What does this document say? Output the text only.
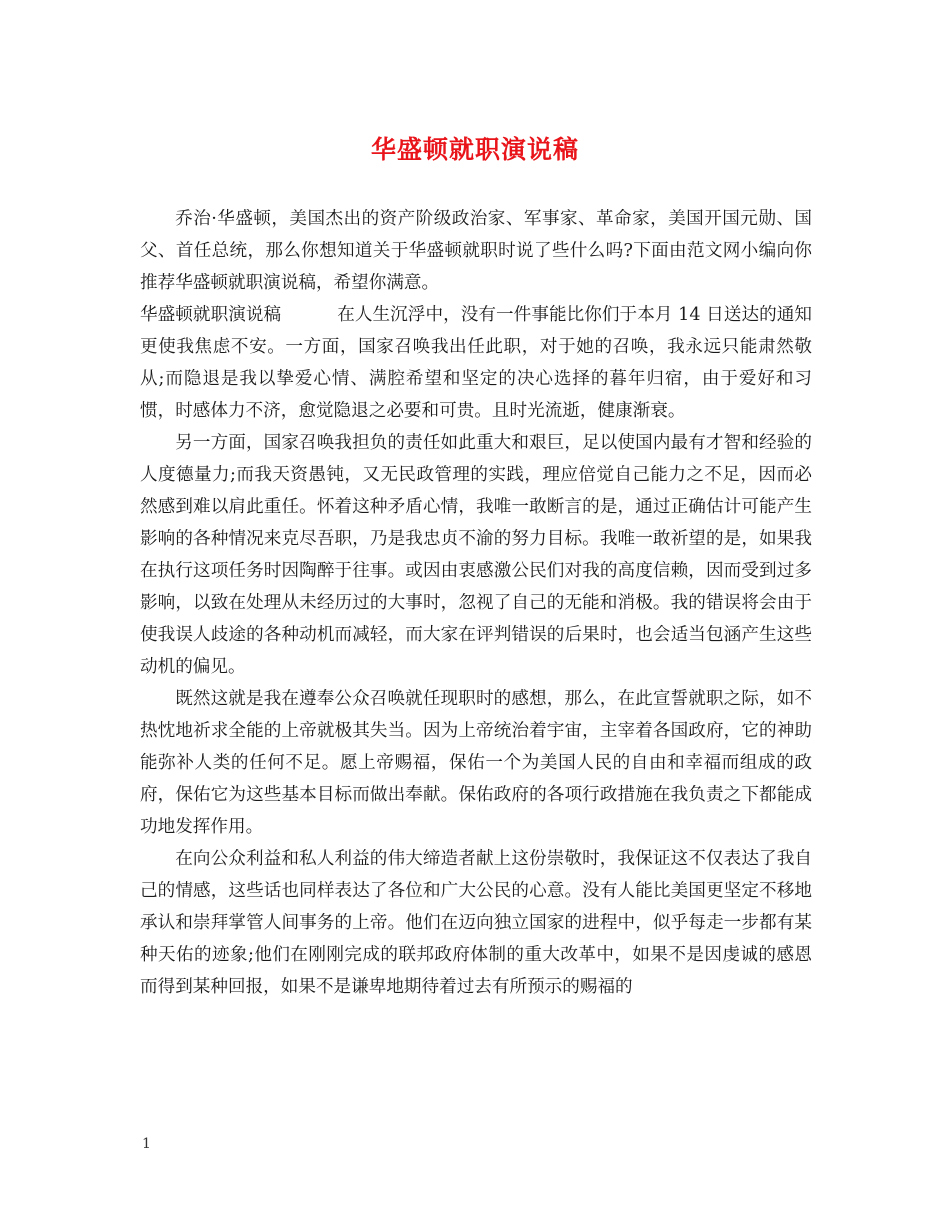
华盛顿就职演说稿

乔治·华盛顿，美国杰出的资产阶级政治家、军事家、革命家，美国开国元勋、国父、首任总统，那么你想知道关于华盛顿就职时说了些什么吗?下面由范文网小编向你推荐华盛顿就职演说稿，希望你满意。

华盛顿就职演说稿	在人生沉浮中，没有一件事能比你们于本月 14 日送达的通知更使我焦虑不安。一方面，国家召唤我出任此职，对于她的召唤，我永远只能肃然敬从;而隐退是我以挚爱心情、满腔希望和坚定的决心选择的暮年归宿，由于爱好和习惯，时感体力不济，愈觉隐退之必要和可贵。且时光流逝，健康渐衰。

另一方面，国家召唤我担负的责任如此重大和艰巨，足以使国内最有才智和经验的人度德量力;而我天资愚钝，又无民政管理的实践，理应倍觉自己能力之不足，因而必然感到难以肩此重任。怀着这种矛盾心情，我唯一敢断言的是，通过正确估计可能产生影响的各种情况来克尽吾职，乃是我忠贞不渝的努力目标。我唯一敢祈望的是，如果我在执行这项任务时因陶醉于往事。或因由衷感激公民们对我的高度信赖，因而受到过多影响，以致在处理从未经历过的大事时，忽视了自己的无能和消极。我的错误将会由于使我误人歧途的各种动机而减轻，而大家在评判错误的后果时，也会适当包涵产生这些动机的偏见。

既然这就是我在遵奉公众召唤就任现职时的感想，那么，在此宣誓就职之际，如不热忱地祈求全能的上帝就极其失当。因为上帝统治着宇宙，主宰着各国政府，它的神助能弥补人类的任何不足。愿上帝赐福，保佑一个为美国人民的自由和幸福而组成的政府，保佑它为这些基本目标而做出奉献。保佑政府的各项行政措施在我负责之下都能成功地发挥作用。

在向公众利益和私人利益的伟大缔造者献上这份崇敬时，我保证这不仅表达了我自己的情感，这些话也同样表达了各位和广大公民的心意。没有人能比美国更坚定不移地承认和崇拜掌管人间事务的上帝。他们在迈向独立国家的进程中，似乎每走一步都有某种天佑的迹象;他们在刚刚完成的联邦政府体制的重大改革中，如果不是因虔诚的感恩而得到某种回报，如果不是谦卑地期待着过去有所预示的赐福的

1
